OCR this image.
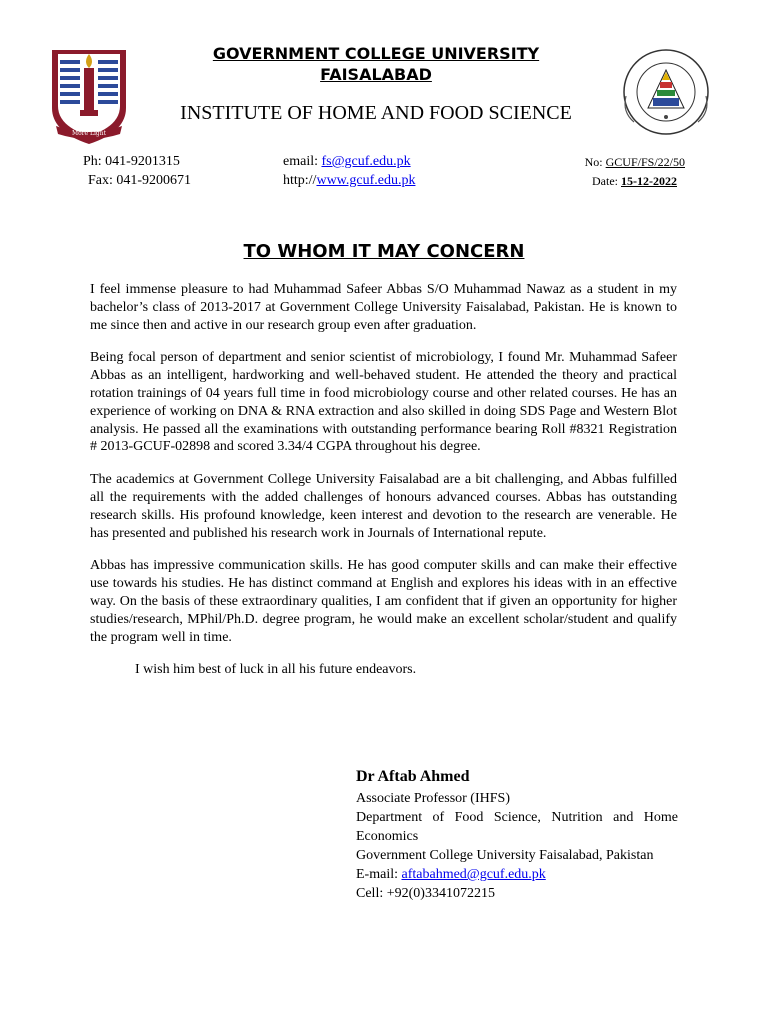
More Light
GOVERNMENT COLLEGE UNIVERSITY FAISALABAD
INSTITUTE OF HOME AND FOOD SCIENCE
Ph: 041-9201315
Fax: 041-9200671
email: fs@gcuf.edu.pk
http://www.gcuf.edu.pk
No: GCUF/FS/22/50
Date: 15-12-2022
TO WHOM IT MAY CONCERN

I feel immense pleasure to had Muhammad Safeer Abbas S/O Muhammad Nawaz as a student in my bachelor’s class of 2013-2017 at Government College University Faisalabad, Pakistan. He is known to me since then and active in our research group even after graduation.

Being focal person of department and senior scientist of microbiology, I found Mr. Muhammad Safeer Abbas as an intelligent, hardworking and well-behaved student. He attended the theory and practical rotation trainings of 04 years full time in food microbiology course and other related courses. He has an experience of working on DNA & RNA extraction and also skilled in doing SDS Page and Western Blot analysis. He passed all the examinations with outstanding performance bearing Roll #8321 Registration # 2013-GCUF-02898 and scored 3.34/4 CGPA throughout his degree.

The academics at Government College University Faisalabad are a bit challenging, and Abbas fulfilled all the requirements with the added challenges of honours advanced courses. Abbas has outstanding research skills. His profound knowledge, keen interest and devotion to the research are venerable. He has presented and published his research work in Journals of International repute.

Abbas has impressive communication skills. He has good computer skills and can make their effective use towards his studies. He has distinct command at English and explores his ideas with in an effective way. On the basis of these extraordinary qualities, I am confident that if given an opportunity for higher studies/research, MPhil/Ph.D. degree program, he would make an excellent scholar/student and qualify the program well in time.

I wish him best of luck in all his future endeavors.

Dr Aftab Ahmed
Associate Professor (IHFS)
Department of Food Science, Nutrition and Home Economics
Government College University Faisalabad, Pakistan
E-mail: aftabahmed@gcuf.edu.pk
Cell: +92(0)3341072215
